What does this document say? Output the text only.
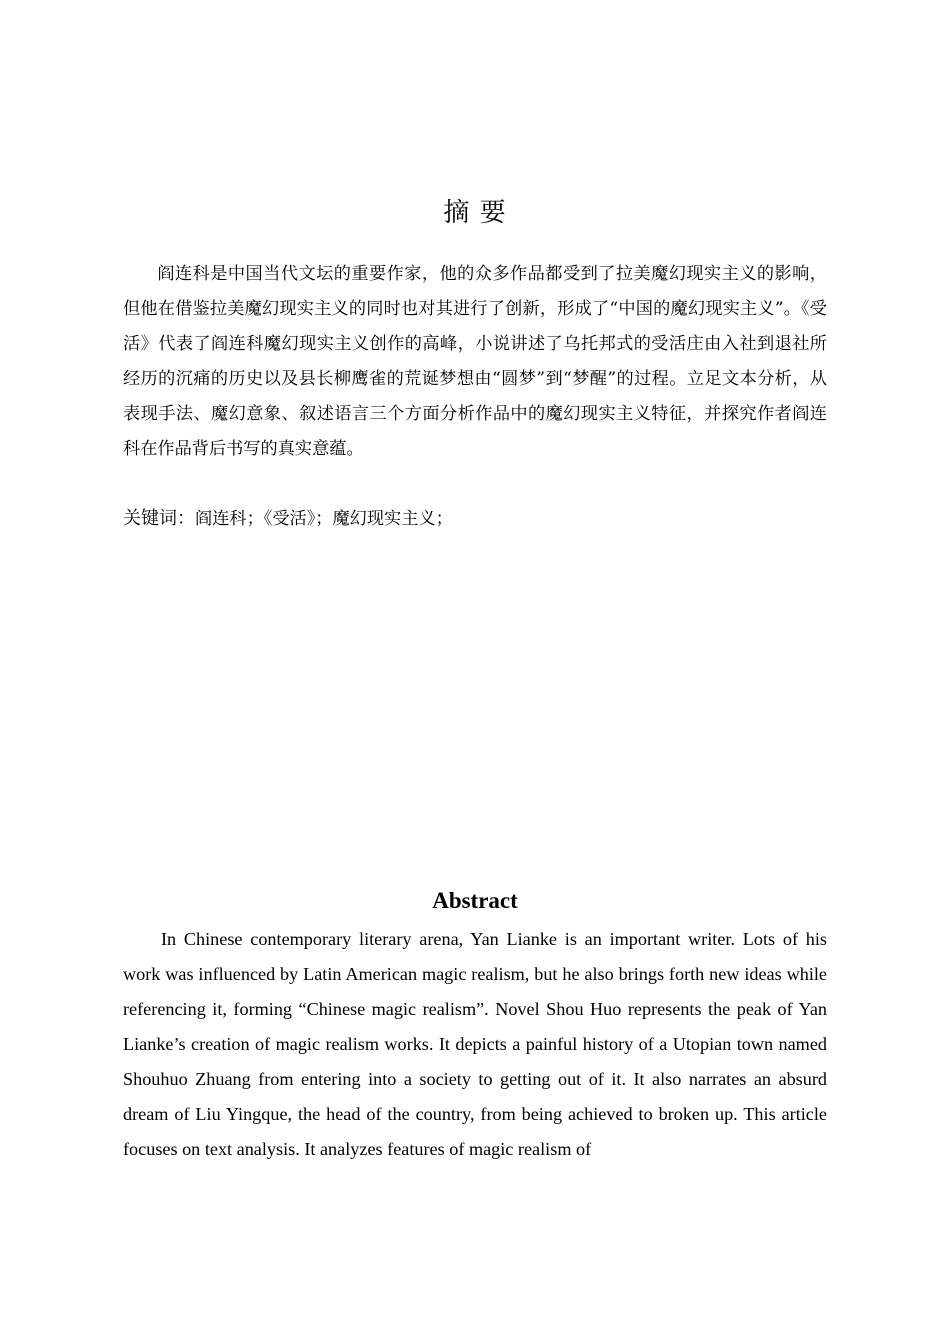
摘 要

阎连科是中国当代文坛的重要作家，他的众多作品都受到了拉美魔幻现实主义的影响，但他在借鉴拉美魔幻现实主义的同时也对其进行了创新，形成了“中国的魔幻现实主义”。《受活》代表了阎连科魔幻现实主义创作的高峰，小说讲述了乌托邦式的受活庄由入社到退社所经历的沉痛的历史以及县长柳鹰雀的荒诞梦想由“圆梦”到“梦醒”的过程。立足文本分析，从表现手法、魔幻意象、叙述语言三个方面分析作品中的魔幻现实主义特征，并探究作者阎连科在作品背后书写的真实意蕴。

关键词：阎连科；《受活》；魔幻现实主义；
Abstract

In Chinese contemporary literary arena, Yan Lianke is an important writer. Lots of his work was influenced by Latin American magic realism, but he also brings forth new ideas while referencing it, forming “Chinese magic realism”. Novel Shou Huo represents the peak of Yan Lianke’s creation of magic realism works. It depicts a painful history of a Utopian town named Shouhuo Zhuang from entering into a society to getting out of it. It also narrates an absurd dream of Liu Yingque, the head of the country, from being achieved to broken up. This article focuses on text analysis. It analyzes features of magic realism of
